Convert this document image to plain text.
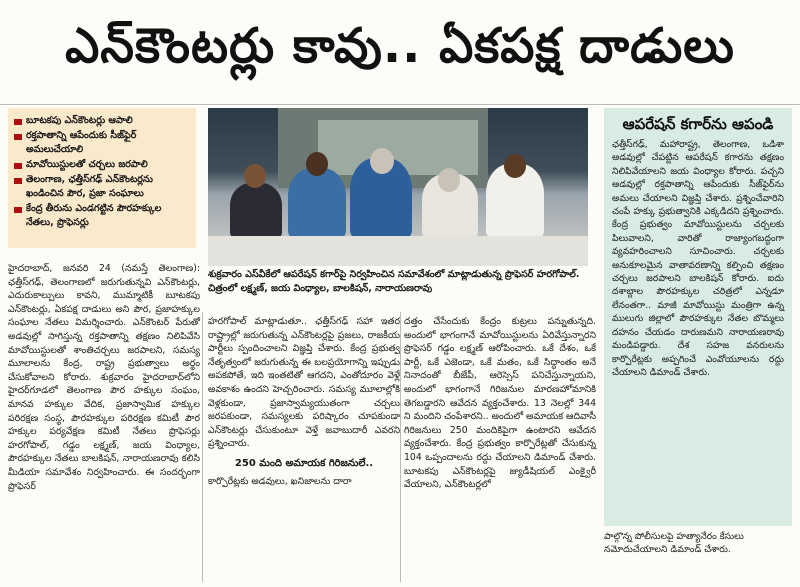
ఎన్‌కౌంటర్లు కావు.. ఏకపక్ష దాడులు
బూటకపు ఎన్‌కౌంటర్లు ఆపాలి
రక్తపాతాన్ని ఆపేందుకు సీజ్‌ఫైర్ అమలుచేయాలి
మావోయిస్టులతో చర్చలు జరపాలి
తెలంగాణ, ఛత్తీస్‌గఢ్ ఎన్‌కౌంటర్లను ఖండించిన పౌర, ప్రజా సంఘాలు
కేంద్ర తీరును ఎండగట్టిన పౌరహక్కుల నేతలు, ప్రొఫెసర్లు
శుక్రవారం ఎస్‌వీకేలో ఆపరేషన్ కగార్‌పై నిర్వహించిన సమావేశంలో మాట్లాడుతున్న ప్రొఫెసర్ హరగోపాల్. చిత్రంలో లక్ష్మణ్, జయ వింధ్యాల, బాలకిషన్, నారాయణరావు
ఆపరేషన్ కగార్‌ను ఆపండి

ఛత్తీస్‌గఢ్, మహారాష్ట్ర, తెలంగాణ, ఒడిశా అడవుల్లో చేపట్టిన ఆపరేషన్ కగారను తక్షణం నిలిపివేయాలని జయ వింధ్యాల కోరారు. పచ్చని అడవుల్లో రక్తపాతాన్ని ఆపేందుకు సీజ్‌ఫైర్‌ను అమలు చేయాలని విజ్ఞప్తి చేశారు. ప్రశ్నించేవారిని చంపే హక్కు ప్రభుత్వానికి ఎక్కడిదని ప్రశ్నించారు. కేంద్ర ప్రభుత్వం మావోయిస్టులను చర్చలకు పిలువాలని, వారితో రాజ్యాంగబద్ధంగా వ్యవహరించాలని సూచించారు. చర్చలకు అనుకూలమైన వాతావరణాన్ని కల్పించి తక్షణం చర్చలు జరపాలని బాలకిషన్ కోరారు. ఐదు దశాబ్దాల పౌరహక్కుల చరిత్రలో ఎన్నడూ లేనంతగా.. మాజీ మావోయిస్టు మంత్రిగా ఉన్న ములుగు జిల్లాలో పౌరహక్కుల నేతల బొమ్మలు దహనం చేయడం దారుణమని నారాయణరావు మండిపడ్డారు. దేశ సహజ వనరులను కార్పొరేట్లకు అప్పగించే ఎంవోయూలను రద్దు చేయాలని డిమాండ్ చేశారు.

పాల్గొన్న పోలీసులపై హత్యానేరం కేసులు నమోదుచేయాలని డిమాండ్ చేశారు.
హైదరాబాద్, జనవరి 24 (నమస్తే తెలంగాణ): ఛత్తీస్‌గఢ్, తెలంగాణలో జరుగుతున్నవి ఎన్‌కౌంటర్లు, ఎదురుకాల్పులు కావని, ముమ్మాటికీ బూటకపు ఎన్‌కౌంటర్లు, ఏకపక్ష దాడులు అని పౌర, ప్రజాహక్కుల సంఘాల నేతలు విమర్శించారు. ఎన్‌కౌంటర్ పేరుతో అడవుల్లో సాగిస్తున్న రక్తపాతాన్ని తక్షణం నిలిపివేసి మావోయిస్టులతో శాంతిచర్చలు జరపాలని, సమస్య మూలాలను కేంద్ర, రాష్ట్ర ప్రభుత్వాలు అర్థం చేసుకోవాలని కోరారు. శుక్రవారం హైదరాబాద్‌లోని హైదర్‌గూడలో తెలంగాణ పౌర హక్కుల సంఘం, మానవ హక్కుల వేదిక, ప్రజాస్వామిక హక్కుల పరిరక్షణ సంస్థ, పౌరహక్కుల పరిరక్షణ కమిటీ పౌర హక్కుల పర్యవేక్షణ కమిటీ నేతలు ప్రొఫెసర్లు హరగోపాల్, గడ్డం లక్ష్మణ్, జయ వింధ్యాల, పౌరహక్కుల నేతలు బాలకిషన్, నారాయణరావు కలిసి మీడియా సమావేశం నిర్వహించారు. ఈ సందర్భంగా ప్రొఫెసర్
హరగోపాల్ మాట్లాడుతూ.. ఛత్తీస్‌గఢ్ సహా ఇతర రాష్ట్రాల్లో జరుగుతున్న ఎన్‌కౌంటర్లపై ప్రజలు, రాజకీయ పార్టీలు స్పందించాలని విజ్ఞప్తి చేశారు. కేంద్ర ప్రభుత్వ నేతృత్వంలో జరుగుతున్న ఈ బలప్రయోగాన్ని ఇప్పుడు అపకపోతే, ఇది ఇంతటితో ఆగదని, ఎంతోదూరం వెళ్లే అవకాశం ఉందని హెచ్చరించారు. సమస్య మూలాల్లోకి వెళ్లకుండా, ప్రజాస్వామ్యయుతంగా చర్చలు జరపకుండా, సమస్యలకు పరిష్కారం చూపకుండా ఎన్‌కౌంటర్లు చేసుకుంటూ వెళ్తే జవాబుదారీ ఎవరని ప్రశ్నించారు.
250 మంది అమాయక గిరిజనులే..
కార్పొరేట్లకు అడవులు, ఖనిజాలను దారా
దత్తం చేసేందుకు కేంద్రం కుట్రలు పన్నుతున్నది. అందులో భాగంగానే మావోయిస్టులను ఏరివేస్తున్నారని ప్రొఫెసర్ గడ్డం లక్ష్మణ్ ఆరోపించారు. ఒకే దేశం, ఒకే పార్టీ, ఒకే ఎజెండా, ఒకే మతం, ఒకే సిద్ధాంతం అనే నినాదంతో బీజేపీ, ఆరెస్సెస్ పనిచేస్తున్నాయని, అందులో భాగంగానే గిరిజనుల మారణహోమానికి తెగబడ్డారని ఆవేదన వ్యక్తంచేశారు. 13 నెలల్లో 344 ని మందిని చంపేశారని.. అందులో అమాయక ఆదివాసీ గిరిజనులు 250 మందికిపైగా ఉంటారని ఆవేదన వ్యక్తంచేశారు. కేంద్ర ప్రభుత్వం కార్పొరేట్లతో చేసుకున్న 104 ఒప్పందాలను రద్దు చేయాలని డిమాండ్ చేశారు. బూటకపు ఎన్‌కౌంటర్లపై జ్యుడీషియల్ ఎంక్వైరీ వేయాలని, ఎన్‌కౌంటర్లలో
